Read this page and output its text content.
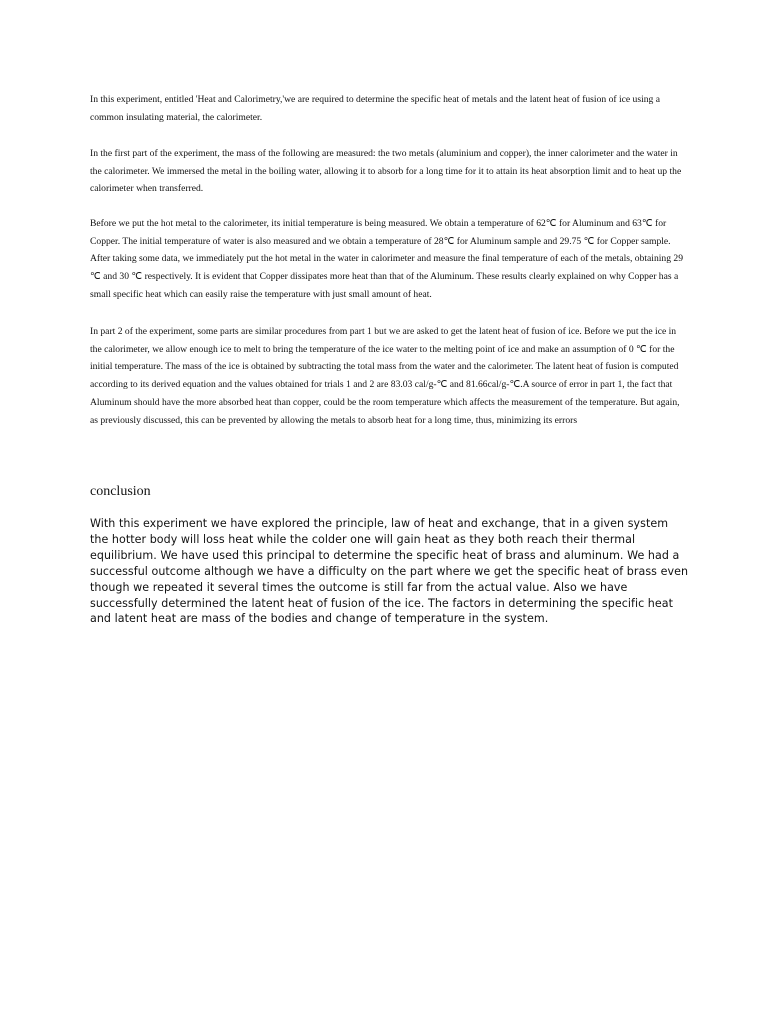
In this experiment, entitled 'Heat and Calorimetry,'we are required to determine the specific heat of metals and the latent heat of fusion of ice using a common insulating material, the calorimeter.

In the first part of the experiment, the mass of the following are measured: the two metals (aluminium and copper), the inner calorimeter and the water in the calorimeter. We immersed the metal in the boiling water, allowing it to absorb for a long time for it to attain its heat absorption limit and to heat up the calorimeter when transferred.

Before we put the hot metal to the calorimeter, its initial temperature is being measured. We obtain a temperature of 62℃ for Aluminum and 63℃ for Copper. The initial temperature of water is also measured and we obtain a temperature of 28℃ for Aluminum sample and 29.75 ℃ for Copper sample. After taking some data, we immediately put the hot metal in the water in calorimeter and measure the final temperature of each of the metals, obtaining 29 ℃ and 30 ℃ respectively. It is evident that Copper dissipates more heat than that of the Aluminum. These results clearly explained on why Copper has a small specific heat which can easily raise the temperature with just small amount of heat.

In part 2 of the experiment, some parts are similar procedures from part 1 but we are asked to get the latent heat of fusion of ice. Before we put the ice in the calorimeter, we allow enough ice to melt to bring the temperature of the ice water to the melting point of ice and make an assumption of 0 ℃ for the initial temperature. The mass of the ice is obtained by subtracting the total mass from the water and the calorimeter. The latent heat of fusion is computed according to its derived equation and the values obtained for trials 1 and 2 are 83.03 cal/g-℃ and 81.66cal/g-℃.A source of error in part 1, the fact that Aluminum should have the more absorbed heat than copper, could be the room temperature which affects the measurement of the temperature. But again, as previously discussed, this can be prevented by allowing the metals to absorb heat for a long time, thus, minimizing its errors

conclusion

With this experiment we have explored the principle, law of heat and exchange, that in a given system the hotter body will loss heat while the colder one will gain heat as they both reach their thermal equilibrium. We have used this principal to determine the specific heat of brass and aluminum. We had a successful outcome although we have a difficulty on the part where we get the specific heat of brass even though we repeated it several times the outcome is still far from the actual value. Also we have successfully determined the latent heat of fusion of the ice. The factors in determining the specific heat and latent heat are mass of the bodies and change of temperature in the system.
